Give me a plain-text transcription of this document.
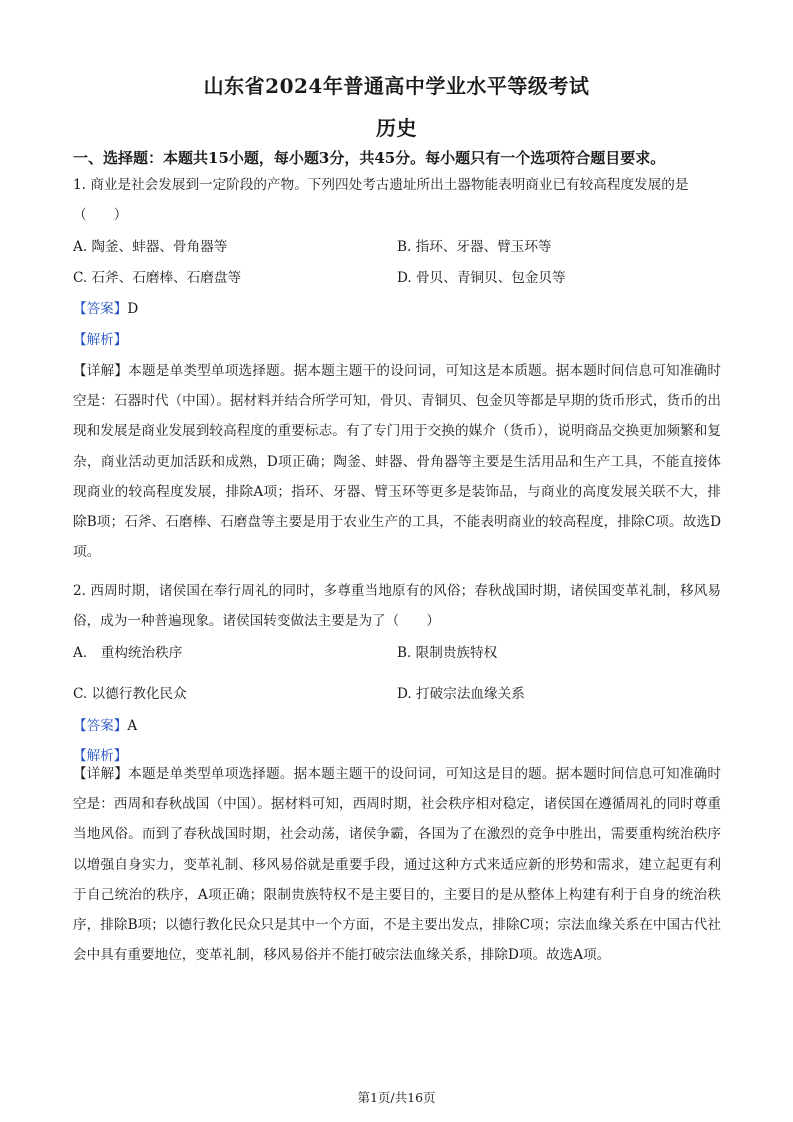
山东省2024年普通高中学业水平等级考试
历史
一、选择题：本题共15小题，每小题3分，共45分。每小题只有一个选项符合题目要求。
1. 商业是社会发展到一定阶段的产物。下列四处考古遗址所出土器物能表明商业已有较高程度发展的是
（　　）
A. 陶釜、蚌器、骨角器等	B. 指环、牙器、臂玉环等
C. 石斧、石磨棒、石磨盘等	D. 骨贝、青铜贝、包金贝等
【答案】D
【解析】
【详解】本题是单类型单项选择题。据本题主题干的设问词，可知这是本质题。据本题时间信息可知准确时空是：石器时代（中国）。据材料并结合所学可知，骨贝、青铜贝、包金贝等都是早期的货币形式，货币的出现和发展是商业发展到较高程度的重要标志。有了专门用于交换的媒介（货币），说明商品交换更加频繁和复杂，商业活动更加活跃和成熟，D项正确；陶釜、蚌器、骨角器等主要是生活用品和生产工具，不能直接体现商业的较高程度发展，排除A项；指环、牙器、臂玉环等更多是装饰品，与商业的高度发展关联不大，排除B项；石斧、石磨棒、石磨盘等主要是用于农业生产的工具，不能表明商业的较高程度，排除C项。故选D项。
2. 西周时期，诸侯国在奉行周礼的同时，多尊重当地原有的风俗；春秋战国时期，诸侯国变革礼制，移风易俗，成为一种普遍现象。诸侯国转变做法主要是为了（　　）
A． 重构统治秩序	B. 限制贵族特权
C. 以德行教化民众	D. 打破宗法血缘关系
【答案】A
【解析】
【详解】本题是单类型单项选择题。据本题主题干的设问词，可知这是目的题。据本题时间信息可知准确时空是：西周和春秋战国（中国）。据材料可知，西周时期，社会秩序相对稳定，诸侯国在遵循周礼的同时尊重当地风俗。而到了春秋战国时期，社会动荡，诸侯争霸，各国为了在激烈的竞争中胜出，需要重构统治秩序以增强自身实力，变革礼制、移风易俗就是重要手段，通过这种方式来适应新的形势和需求，建立起更有利于自己统治的秩序，A项正确；限制贵族特权不是主要目的，主要目的是从整体上构建有利于自身的统治秩序，排除B项；以德行教化民众只是其中一个方面，不是主要出发点，排除C项；宗法血缘关系在中国古代社会中具有重要地位，变革礼制，移风易俗并不能打破宗法血缘关系，排除D项。故选A项。
第1页/共16页
